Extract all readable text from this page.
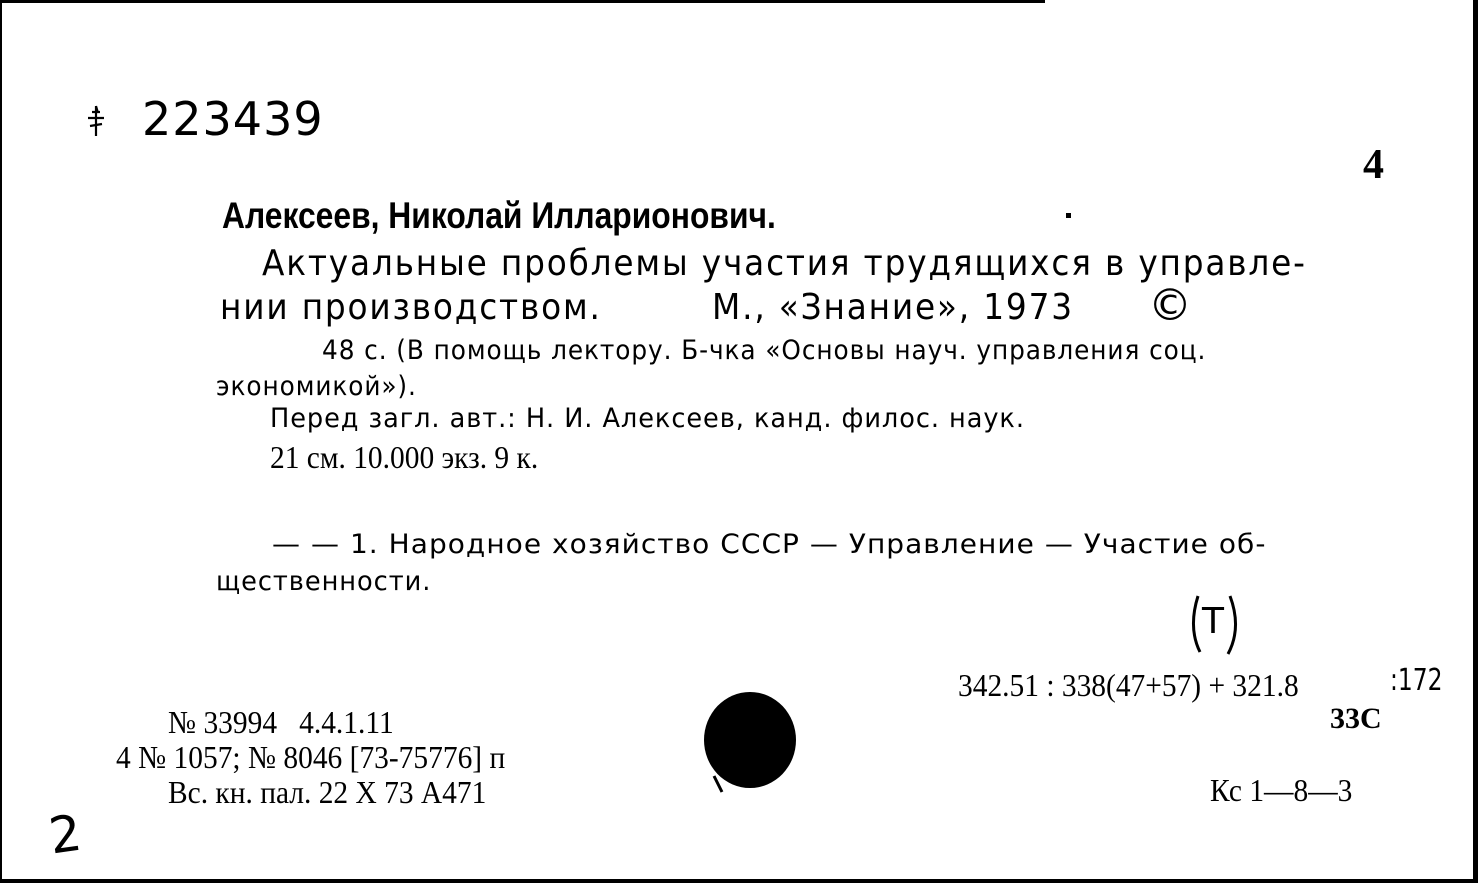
223439
4
Алексеев, Николай Илларионович.
Актуальные проблемы участия трудящихся в управле-
нии производством.	М., «Знание», 1973 ©
48 с. (В помощь лектору. Б-чка «Основы науч. управления соц.
экономикой»).
Перед загл. авт.: Н. И. Алексеев, канд. филос. наук.
21 см. 10.000 экз. 9 к.
— — 1. Народное хозяйство СССР — Управление — Участие об-
щественности.
Т
342.51 : 338(47+57) + 321.8	:172
33С
№ 33994   4.4.1.11
4 № 1057; № 8046 [73-75776] п
Вс. кн. пал. 22 X 73 А471	Кс 1—8—3
2
